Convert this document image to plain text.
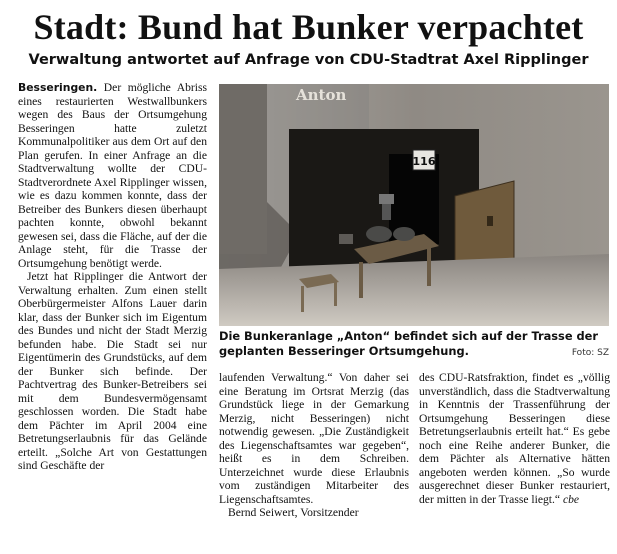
Stadt: Bund hat Bunker verpachtet
Verwaltung antwortet auf Anfrage von CDU-Stadtrat Axel Ripplinger

Besseringen. Der mögliche Abriss eines restaurierten Westwallbunkers wegen des Baus der Ortsumgehung Besseringen hatte zuletzt Kommunalpolitiker aus dem Ort auf den Plan gerufen. In einer Anfrage an die Stadtverwaltung wollte der CDU-Stadtverordnete Axel Ripplinger wissen, wie es dazu kommen konnte, dass der Betreiber des Bunkers diesen überhaupt pachten konnte, obwohl bekannt gewesen sei, dass die Fläche, auf der die Anlage steht, für die Trasse der Ortsumgehung benötigt werde.

Jetzt hat Ripplinger die Antwort der Verwaltung erhalten. Zum einen stellt Oberbürgermeister Alfons Lauer darin klar, dass der Bunker sich im Eigentum des Bundes und nicht der Stadt Merzig befunden habe. Die Stadt sei nur Eigentümerin des Grundstücks, auf dem der Bunker sich befinde. Der Pachtvertrag des Bunker-Betreibers sei mit dem Bundesvermögensamt geschlossen worden. Die Stadt habe dem Pächter im April 2004 eine Betretungserlaubnis für das Gelände erteilt. „Solche Art von Gestattungen sind Geschäfte der

116
Anton
Die Bunkeranlage „Anton“ befindet sich auf der Trasse der geplanten Besseringer Ortsumgehung.	Foto: SZ

laufenden Verwaltung.“ Von daher sei eine Beratung im Ortsrat Merzig (das Grundstück liege in der Gemarkung Merzig, nicht Besseringen) nicht notwendig gewesen. „Die Zuständigkeit des Liegenschaftsamtes war gegeben“, heißt es in dem Schreiben. Unterzeichnet wurde diese Erlaubnis vom zuständigen Mitarbeiter des Liegenschaftsamtes.

Bernd Seiwert, Vorsitzender

des CDU-Ratsfraktion, findet es „völlig unverständlich, dass die Stadtverwaltung in Kenntnis der Trassenführung der Ortsumgehung Besseringen diese Betretungserlaubnis erteilt hat.“ Es gebe noch eine Reihe anderer Bunker, die dem Pächter als Alternative hätten angeboten werden können. „So wurde ausgerechnet dieser Bunker restauriert, der mitten in der Trasse liegt.“ cbe
